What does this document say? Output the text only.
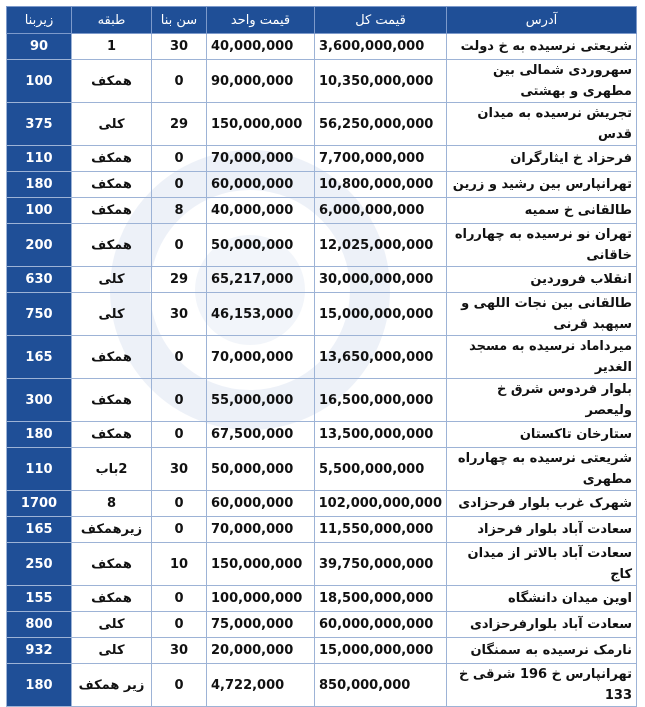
آدرس	قیمت کل	قیمت واحد	سن بنا	طبقه	زیربنا
شریعتی نرسیده به خ دولت	3,600,000,000	40,000,000	30	1	90
سهروردی شمالی بین مطهری و بهشتی	10,350,000,000	90,000,000	0	همکف	100
تجریش نرسیده به میدان قدس	56,250,000,000	150,000,000	29	کلی	375
فرحزاد خ ایثارگران	7,700,000,000	70,000,000	0	همکف	110
تهرانپارس بین رشید و زرین	10,800,000,000	60,000,000	0	همکف	180
طالقانی خ سمیه	6,000,000,000	40,000,000	8	همکف	100
تهران نو نرسیده به چهارراه خاقانی	12,025,000,000	50,000,000	0	همکف	200
انقلاب فروردین	30,000,000,000	65,217,000	29	کلی	630
طالقانی بین نجات اللهی و سپهبد قرنی	15,000,000,000	46,153,000	30	کلی	750
میرداماد نرسیده به مسجد الغدیر	13,650,000,000	70,000,000	0	همکف	165
بلوار فردوس شرق خ ولیعصر	16,500,000,000	55,000,000	0	همکف	300
ستارخان تاکستان	13,500,000,000	67,500,000	0	همکف	180
شریعتی نرسیده به چهارراه مطهری	5,500,000,000	50,000,000	30	2باب	110
شهرک غرب بلوار فرحزادی	102,000,000,000	60,000,000	0	8	1700
سعادت آباد بلوار فرحزاد	11,550,000,000	70,000,000	0	زیرهمکف	165
سعادت آباد بالاتر از میدان کاج	39,750,000,000	150,000,000	10	همکف	250
اوین میدان دانشگاه	18,500,000,000	100,000,000	0	همکف	155
سعادت آباد بلوارفرحزادی	60,000,000,000	75,000,000	0	کلی	800
نارمک نرسیده به سمنگان	15,000,000,000	20,000,000	30	کلی	932
تهرانپارس خ 196 شرقی خ 133	850,000,000	4,722,000	0	زیر همکف	180
